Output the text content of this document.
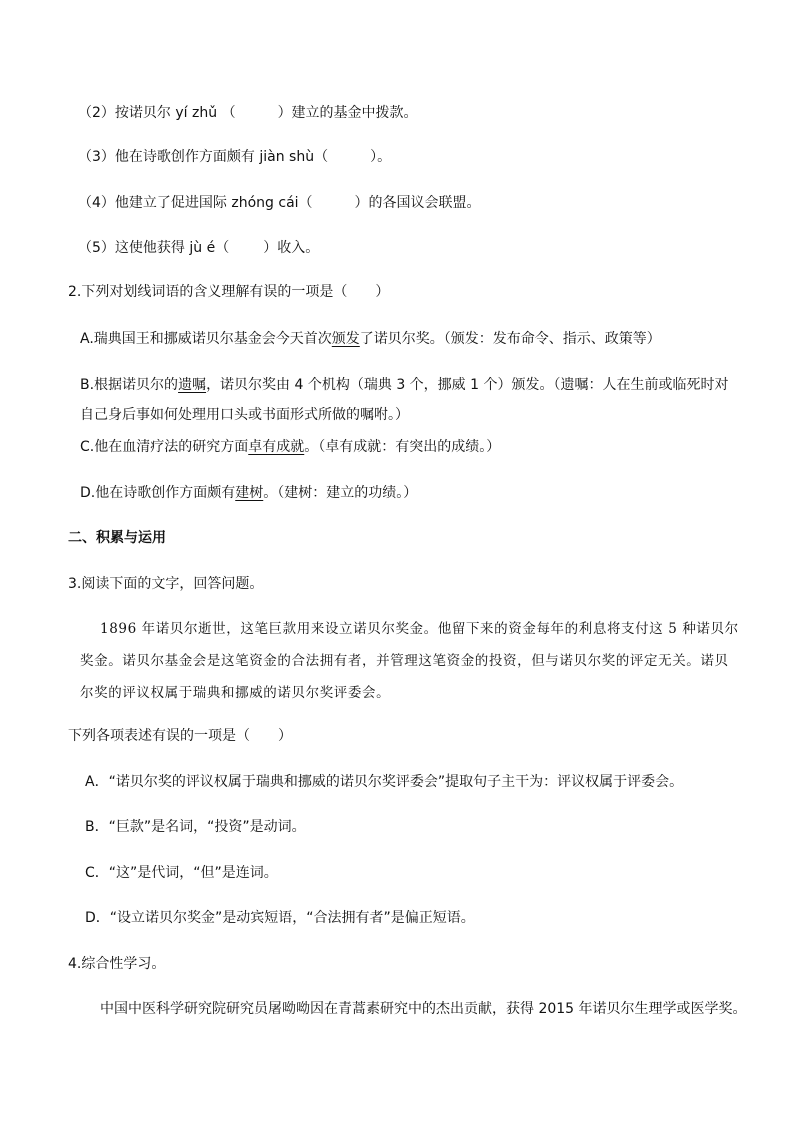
（2）按诺贝尔 yí zhǔ （	）建立的基金中拨款。
（3）他在诗歌创作方面颇有 jiàn shù（	）。
（4）他建立了促进国际 zhóng cái（	）的各国议会联盟。
（5）这使他获得 jù é（ ）收入。
2.下列对划线词语的含义理解有误的一项是（　　）
A.瑞典国王和挪威诺贝尔基金会今天首次颁发了诺贝尔奖。（颁发：发布命令、指示、政策等）
B.根据诺贝尔的遗嘱，诺贝尔奖由 4 个机构（瑞典 3 个，挪威 1 个）颁发。（遗嘱：人在生前或临死时对
自己身后事如何处理用口头或书面形式所做的嘱咐。）
C.他在血清疗法的研究方面卓有成就。（卓有成就：有突出的成绩。）
D.他在诗歌创作方面颇有建树。（建树：建立的功绩。）
二、积累与运用
3.阅读下面的文字，回答问题。
1896 年诺贝尔逝世，这笔巨款用来设立诺贝尔奖金。他留下来的资金每年的利息将支付这 5 种诺贝尔
奖金。诺贝尔基金会是这笔资金的合法拥有者，并管理这笔资金的投资，但与诺贝尔奖的评定无关。诺贝
尔奖的评议权属于瑞典和挪威的诺贝尔奖评委会。
下列各项表述有误的一项是（　　）
A．“诺贝尔奖的评议权属于瑞典和挪威的诺贝尔奖评委会”提取句子主干为：评议权属于评委会。
B．“巨款”是名词，“投资”是动词。
C．“这”是代词，“但”是连词。
D．“设立诺贝尔奖金”是动宾短语，“合法拥有者”是偏正短语。
4.综合性学习。
中国中医科学研究院研究员屠呦呦因在青蒿素研究中的杰出贡献，获得 2015 年诺贝尔生理学或医学奖。
